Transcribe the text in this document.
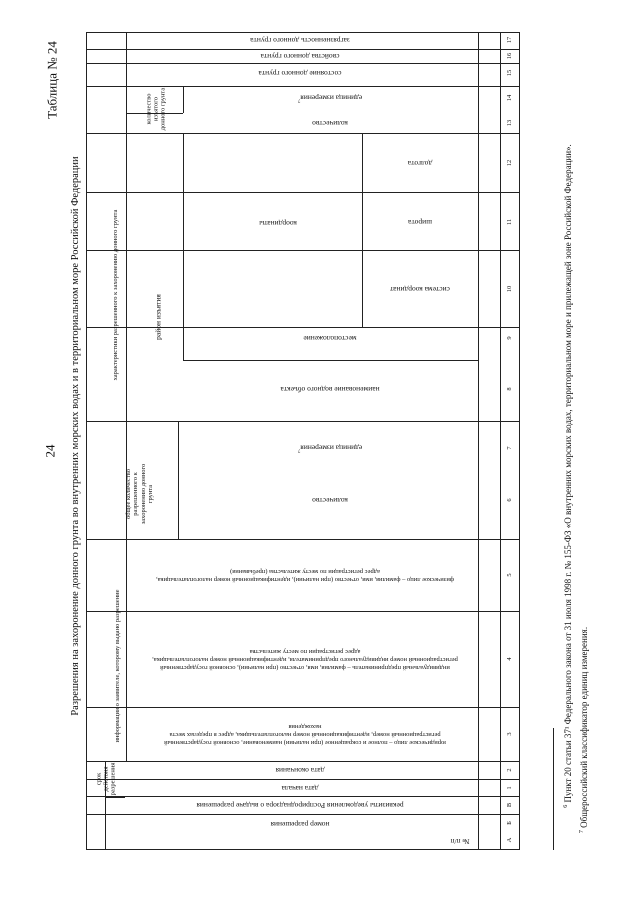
24
Таблица № 24
Разрешения на захоронение донного грунта во внутренних морских водах и в территориальном море Российской Федерации	информация о заявителе, которому выдано разрешение
характеристики разрешенного к захоронению донного грунта	район изъятия
общее количество разрешенного к захоронению донного грунта
количество изъятого донного грунта
срок действия разрешения
№ п/п
номер разрешения
реквизиты уведомления Росприроднадзора о выдаче разрешения
дата начала
дата окончания
юридическое лицо – полное и сокращенное (при наличии) наименование, основной государственный регистрационный номер, идентификационный номер налогоплательщика, адрес в пределах места нахождения
индивидуальный предприниматель – фамилия, имя, отчество (при наличии), основной государственный регистрационный номер индивидуального предпринимателя, идентификационный номер налогоплательщика, адрес регистрации по месту жительства
физическое лицо – фамилия, имя, отчество (при наличии), идентификационный номер налогоплательщика, адрес регистрации по месту жительства (пребывания)
количество
единица измерения$^7$
наименование водного объекта
местоположение
координаты
система координат
широта
долгота
количество
единица измерения$^7$
состояние донного грунта
свойства донного грунта
загрязненность донного грунта
А
Б
В
1
2
3
4
5
6
7
8
9
10
11
12
13
14
15
16
17
$^6$ Пункт 20 статьи 37¹ Федерального закона от 31 июля 1998 г. № 155-ФЗ «О внутренних морских водах, территориальном море и прилежащей зоне Российской Федерации».
$^7$ Общероссийский классификатор единиц измерения.
